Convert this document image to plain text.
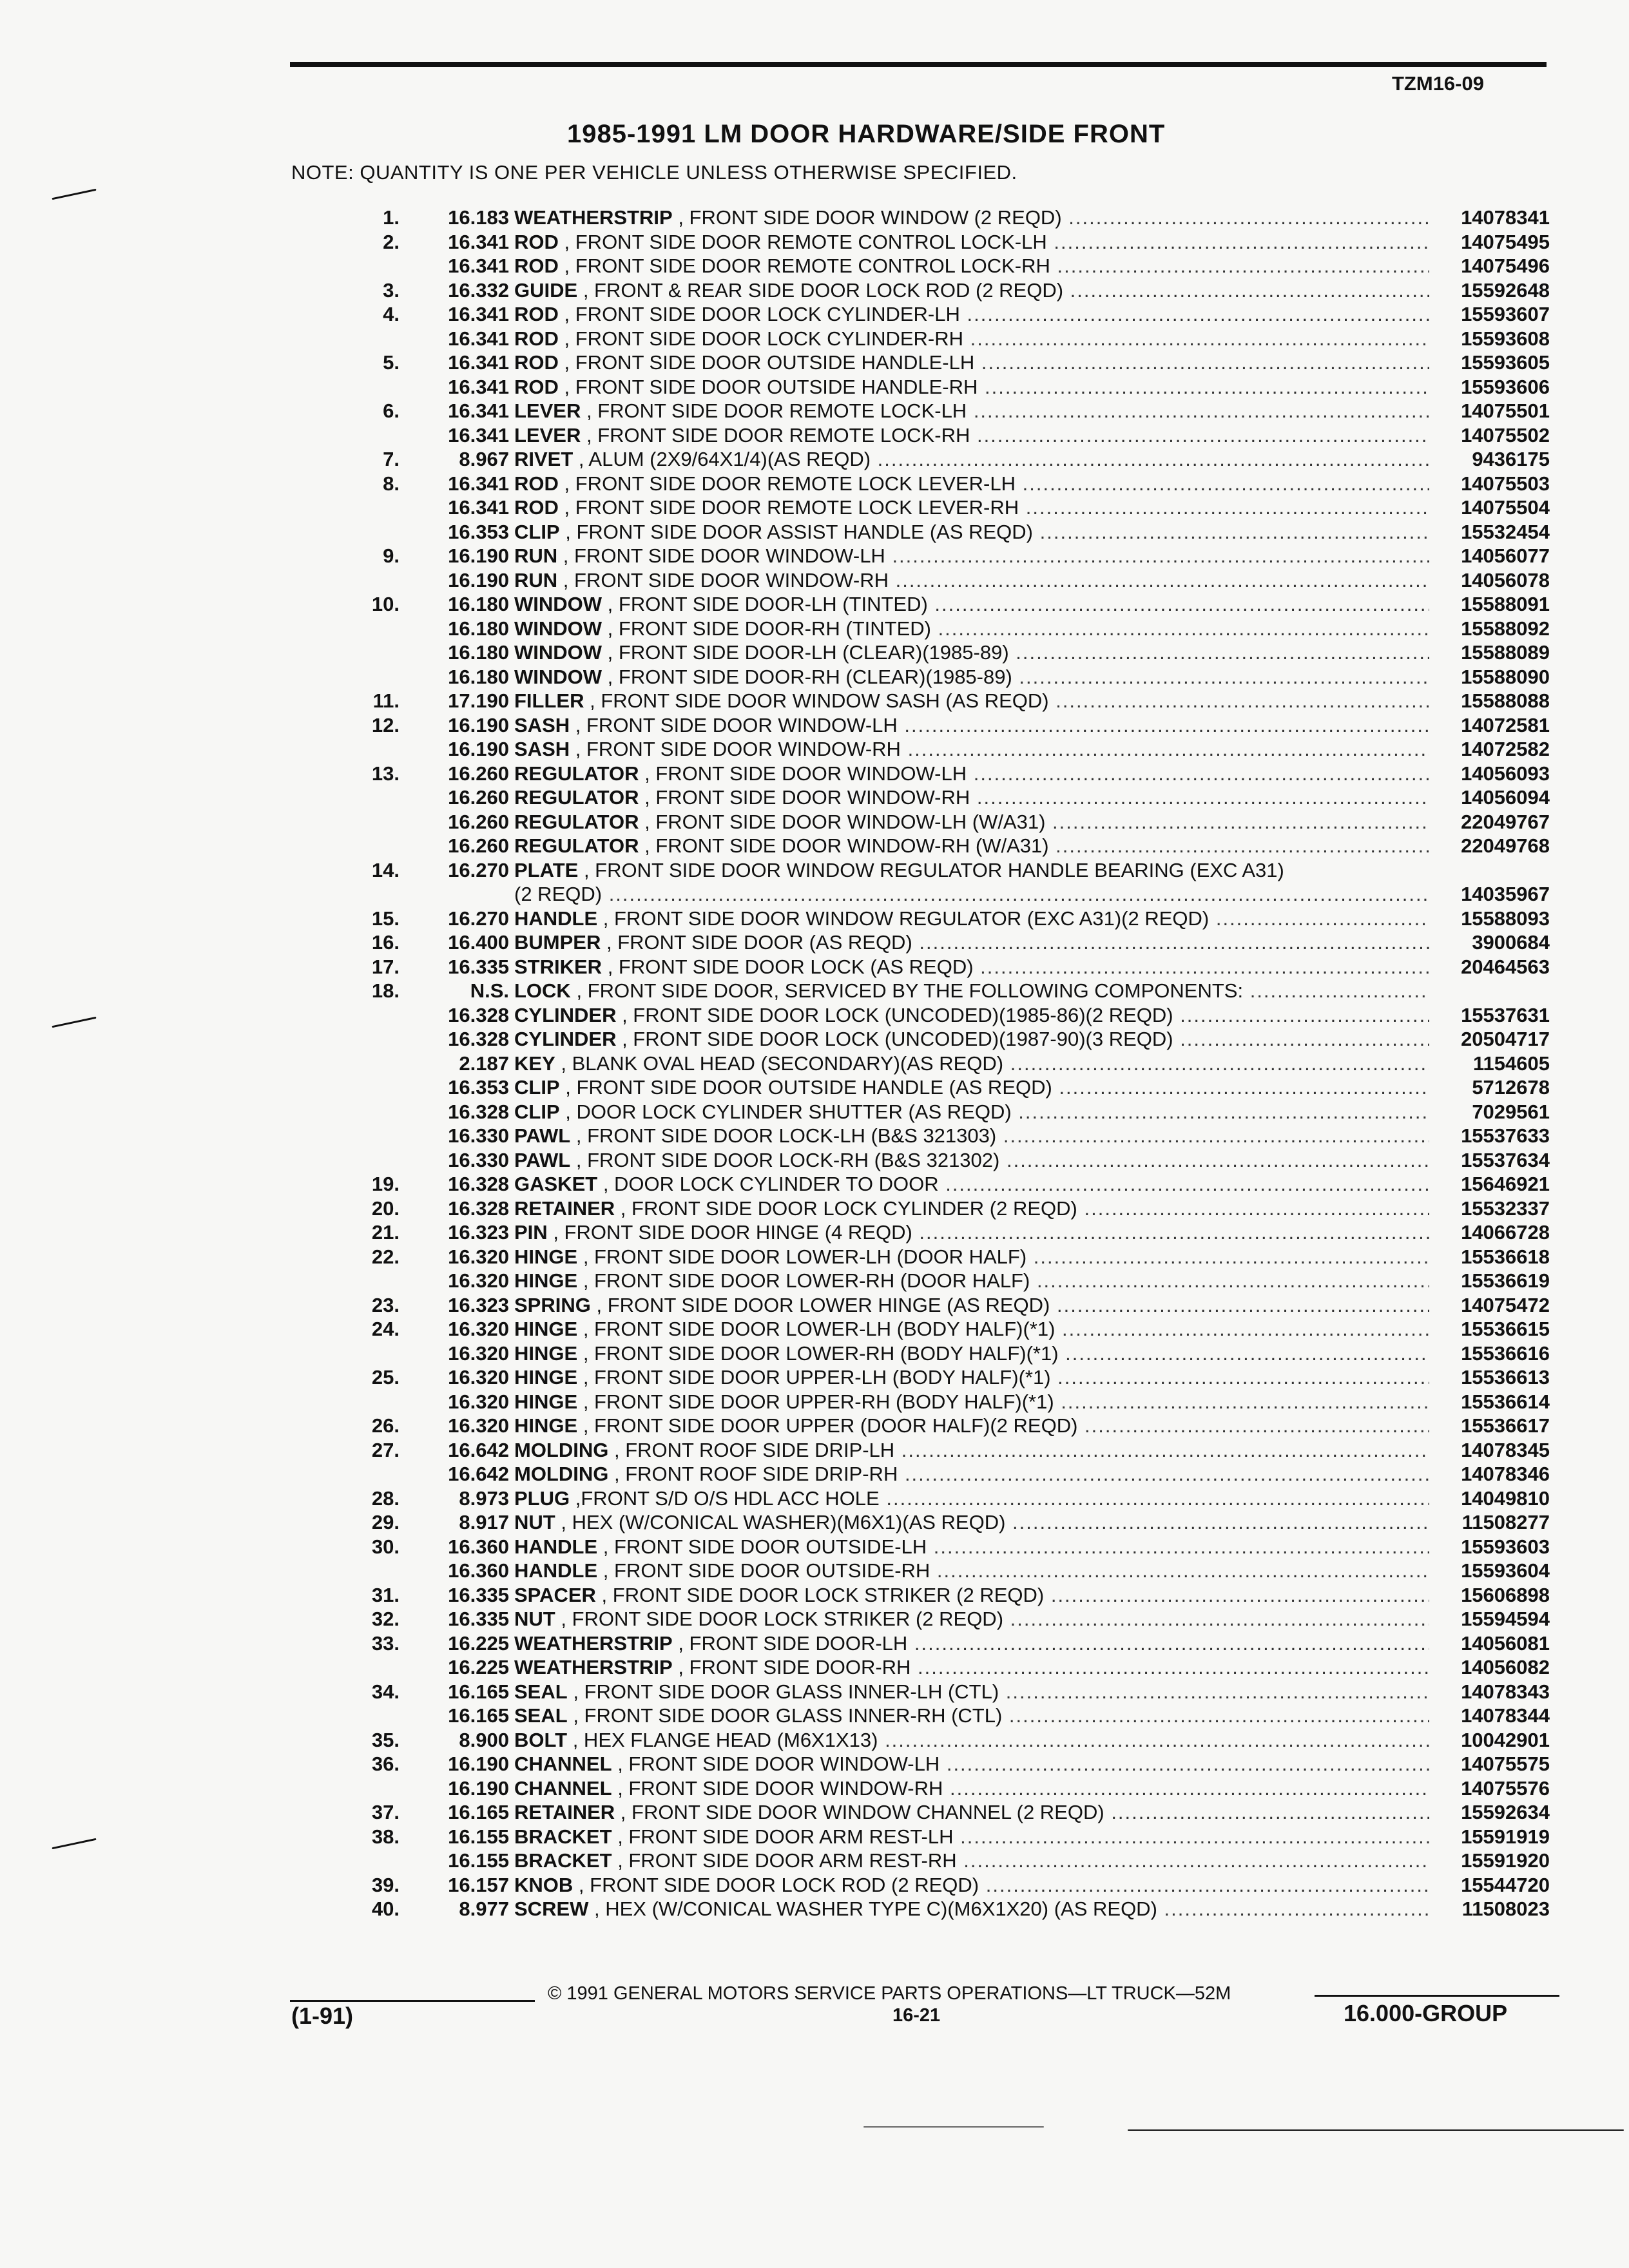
TZM16-09
1985-1991 LM DOOR HARDWARE/SIDE FRONT
NOTE: QUANTITY IS ONE PER VEHICLE UNLESS OTHERWISE SPECIFIED.
1.	16.183 WEATHERSTRIP , FRONT SIDE DOOR WINDOW (2 REQD) .....	14078341
2.	16.341 ROD , FRONT SIDE DOOR REMOTE CONTROL LOCK-LH .....	14075495
16.341 ROD , FRONT SIDE DOOR REMOTE CONTROL LOCK-RH .....	14075496
3.	16.332 GUIDE , FRONT & REAR SIDE DOOR LOCK ROD (2 REQD) .....	15592648
4.	16.341 ROD , FRONT SIDE DOOR LOCK CYLINDER-LH .....	15593607
16.341 ROD , FRONT SIDE DOOR LOCK CYLINDER-RH .....	15593608
5.	16.341 ROD , FRONT SIDE DOOR OUTSIDE HANDLE-LH .....	15593605
16.341 ROD , FRONT SIDE DOOR OUTSIDE HANDLE-RH .....	15593606
6.	16.341 LEVER , FRONT SIDE DOOR REMOTE LOCK-LH .....	14075501
16.341 LEVER , FRONT SIDE DOOR REMOTE LOCK-RH .....	14075502
7.	8.967 RIVET , ALUM (2X9/64X1/4)(AS REQD) .....	9436175
8.	16.341 ROD , FRONT SIDE DOOR REMOTE LOCK LEVER-LH .....	14075503
16.341 ROD , FRONT SIDE DOOR REMOTE LOCK LEVER-RH .....	14075504
16.353 CLIP , FRONT SIDE DOOR ASSIST HANDLE (AS REQD) .....	15532454
9.	16.190 RUN , FRONT SIDE DOOR WINDOW-LH .....	14056077
16.190 RUN , FRONT SIDE DOOR WINDOW-RH .....	14056078
10.	16.180 WINDOW , FRONT SIDE DOOR-LH (TINTED) .....	15588091
16.180 WINDOW , FRONT SIDE DOOR-RH (TINTED) .....	15588092
16.180 WINDOW , FRONT SIDE DOOR-LH (CLEAR)(1985-89) .....	15588089
16.180 WINDOW , FRONT SIDE DOOR-RH (CLEAR)(1985-89) .....	15588090
11.	17.190 FILLER , FRONT SIDE DOOR WINDOW SASH (AS REQD) .....	15588088
12.	16.190 SASH , FRONT SIDE DOOR WINDOW-LH .....	14072581
16.190 SASH , FRONT SIDE DOOR WINDOW-RH .....	14072582
13.	16.260 REGULATOR , FRONT SIDE DOOR WINDOW-LH .....	14056093
16.260 REGULATOR , FRONT SIDE DOOR WINDOW-RH .....	14056094
16.260 REGULATOR , FRONT SIDE DOOR WINDOW-LH (W/A31) .....	22049767
16.260 REGULATOR , FRONT SIDE DOOR WINDOW-RH (W/A31) .....	22049768
14.	16.270 PLATE , FRONT SIDE DOOR WINDOW REGULATOR HANDLE BEARING (EXC A31)
(2 REQD) .....	14035967
15.	16.270 HANDLE , FRONT SIDE DOOR WINDOW REGULATOR (EXC A31)(2 REQD) .....	15588093
16.	16.400 BUMPER , FRONT SIDE DOOR (AS REQD) .....	3900684
17.	16.335 STRIKER , FRONT SIDE DOOR LOCK (AS REQD) .....	20464563
18.	N.S. LOCK , FRONT SIDE DOOR, SERVICED BY THE FOLLOWING COMPONENTS: .....
16.328 CYLINDER , FRONT SIDE DOOR LOCK (UNCODED)(1985-86)(2 REQD) .....	15537631
16.328 CYLINDER , FRONT SIDE DOOR LOCK (UNCODED)(1987-90)(3 REQD) .....	20504717
2.187 KEY , BLANK OVAL HEAD (SECONDARY)(AS REQD) .....	1154605
16.353 CLIP , FRONT SIDE DOOR OUTSIDE HANDLE (AS REQD) .....	5712678
16.328 CLIP , DOOR LOCK CYLINDER SHUTTER (AS REQD) .....	7029561
16.330 PAWL , FRONT SIDE DOOR LOCK-LH (B&S 321303) .....	15537633
16.330 PAWL , FRONT SIDE DOOR LOCK-RH (B&S 321302) .....	15537634
19.	16.328 GASKET , DOOR LOCK CYLINDER TO DOOR .....	15646921
20.	16.328 RETAINER , FRONT SIDE DOOR LOCK CYLINDER (2 REQD) .....	15532337
21.	16.323 PIN , FRONT SIDE DOOR HINGE (4 REQD) .....	14066728
22.	16.320 HINGE , FRONT SIDE DOOR LOWER-LH (DOOR HALF) .....	15536618
16.320 HINGE , FRONT SIDE DOOR LOWER-RH (DOOR HALF) .....	15536619
23.	16.323 SPRING , FRONT SIDE DOOR LOWER HINGE (AS REQD) .....	14075472
24.	16.320 HINGE , FRONT SIDE DOOR LOWER-LH (BODY HALF)(*1) .....	15536615
16.320 HINGE , FRONT SIDE DOOR LOWER-RH (BODY HALF)(*1) .....	15536616
25.	16.320 HINGE , FRONT SIDE DOOR UPPER-LH (BODY HALF)(*1) .....	15536613
16.320 HINGE , FRONT SIDE DOOR UPPER-RH (BODY HALF)(*1) .....	15536614
26.	16.320 HINGE , FRONT SIDE DOOR UPPER (DOOR HALF)(2 REQD) .....	15536617
27.	16.642 MOLDING , FRONT ROOF SIDE DRIP-LH .....	14078345
16.642 MOLDING , FRONT ROOF SIDE DRIP-RH .....	14078346
28.	8.973 PLUG ,FRONT S/D O/S HDL ACC HOLE .....	14049810
29.	8.917 NUT , HEX (W/CONICAL WASHER)(M6X1)(AS REQD) .....	11508277
30.	16.360 HANDLE , FRONT SIDE DOOR OUTSIDE-LH .....	15593603
16.360 HANDLE , FRONT SIDE DOOR OUTSIDE-RH .....	15593604
31.	16.335 SPACER , FRONT SIDE DOOR LOCK STRIKER (2 REQD) .....	15606898
32.	16.335 NUT , FRONT SIDE DOOR LOCK STRIKER (2 REQD) .....	15594594
33.	16.225 WEATHERSTRIP , FRONT SIDE DOOR-LH .....	14056081
16.225 WEATHERSTRIP , FRONT SIDE DOOR-RH .....	14056082
34.	16.165 SEAL , FRONT SIDE DOOR GLASS INNER-LH (CTL) .....	14078343
16.165 SEAL , FRONT SIDE DOOR GLASS INNER-RH (CTL) .....	14078344
35.	8.900 BOLT , HEX FLANGE HEAD (M6X1X13) .....	10042901
36.	16.190 CHANNEL , FRONT SIDE DOOR WINDOW-LH .....	14075575
16.190 CHANNEL , FRONT SIDE DOOR WINDOW-RH .....	14075576
37.	16.165 RETAINER , FRONT SIDE DOOR WINDOW CHANNEL (2 REQD) .....	15592634
38.	16.155 BRACKET , FRONT SIDE DOOR ARM REST-LH .....	15591919
16.155 BRACKET , FRONT SIDE DOOR ARM REST-RH .....	15591920
39.	16.157 KNOB , FRONT SIDE DOOR LOCK ROD (2 REQD) .....	15544720
40.	8.977 SCREW , HEX (W/CONICAL WASHER TYPE C)(M6X1X20) (AS REQD) .....	11508023
© 1991 GENERAL MOTORS SERVICE PARTS OPERATIONS—LT TRUCK—52M
(1-91)	16-21	16.000-GROUP
